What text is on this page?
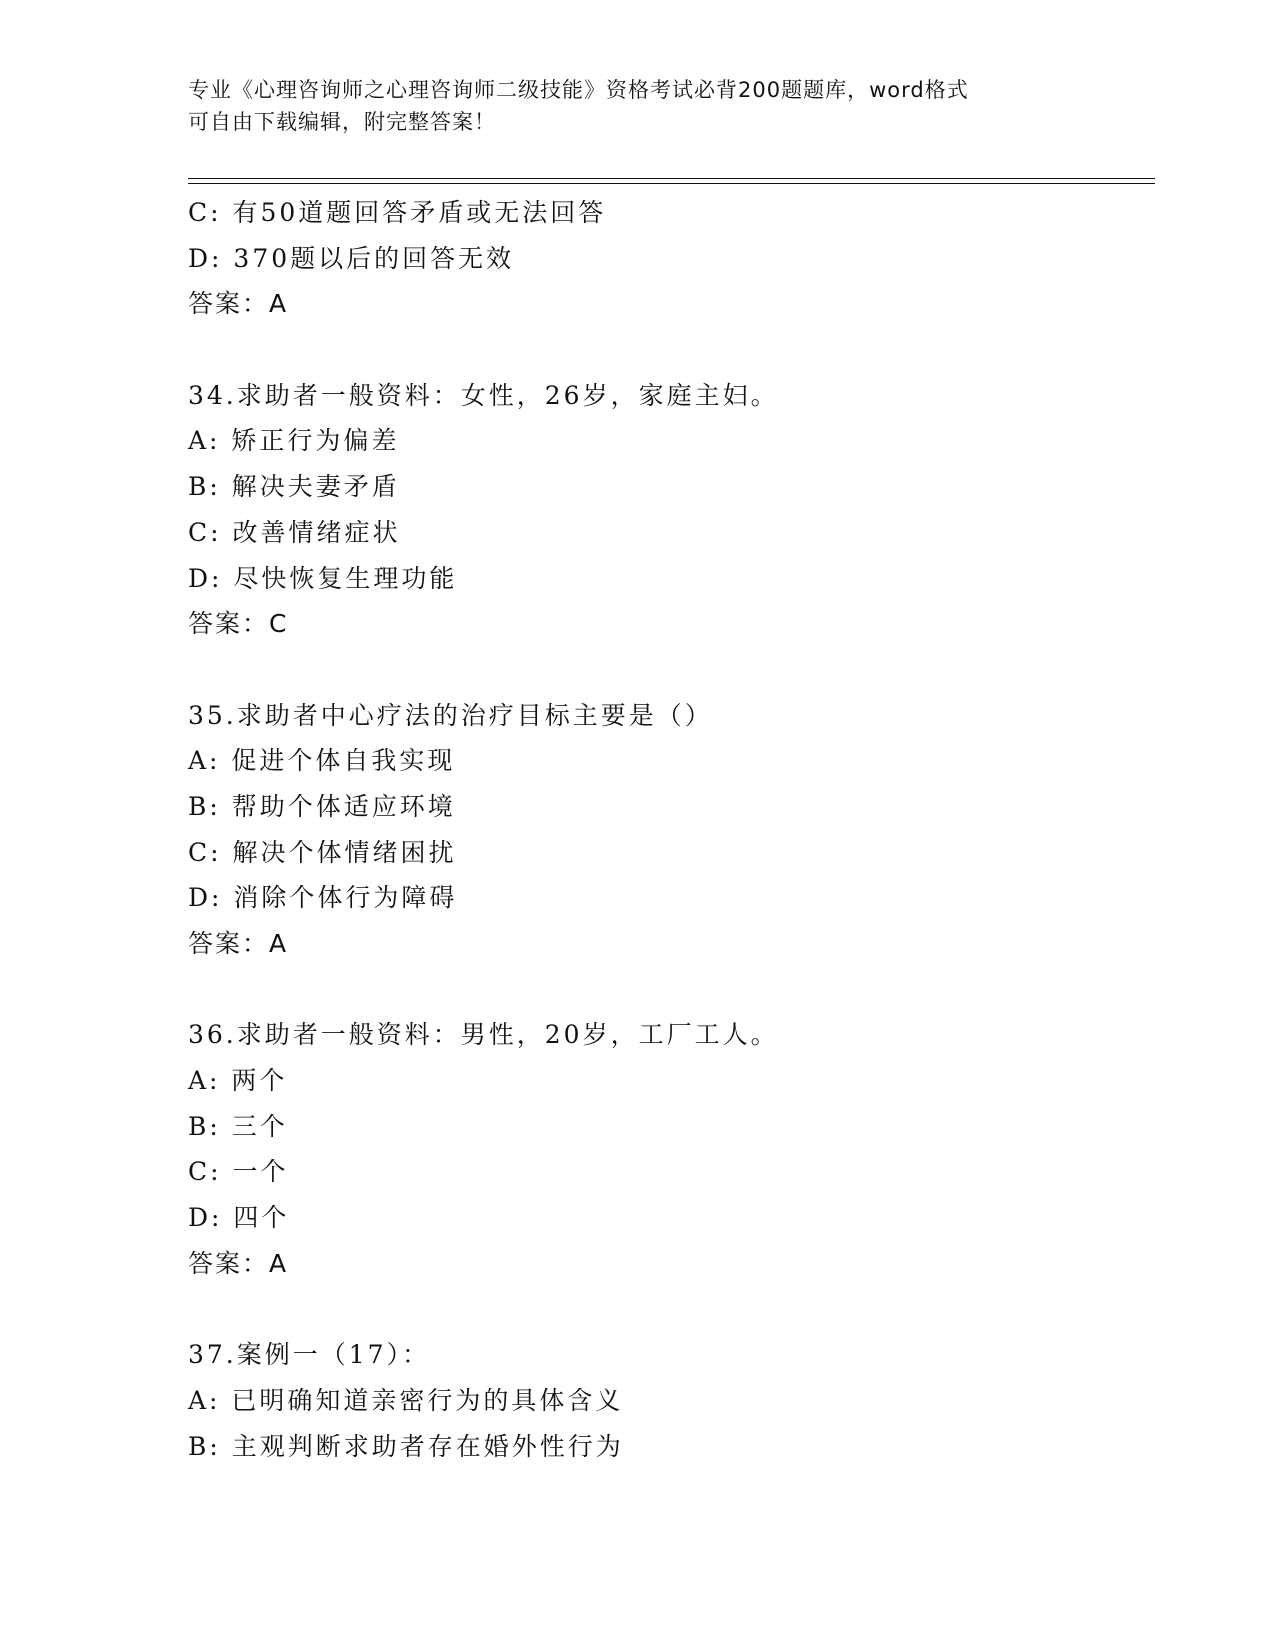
专业《心理咨询师之心理咨询师二级技能》资格考试必背200题题库，word格式
可自由下载编辑，附完整答案！
C: 有50道题回答矛盾或无法回答
D: 370题以后的回答无效
答案：A
34.求助者一般资料：女性，26岁，家庭主妇。
A: 矫正行为偏差
B: 解决夫妻矛盾
C: 改善情绪症状
D: 尽快恢复生理功能
答案：C
35.求助者中心疗法的治疗目标主要是（）
A: 促进个体自我实现
B: 帮助个体适应环境
C: 解决个体情绪困扰
D: 消除个体行为障碍
答案：A
36.求助者一般资料：男性，20岁，工厂工人。
A: 两个
B: 三个
C: 一个
D: 四个
答案：A
37.案例一（17）：
A: 已明确知道亲密行为的具体含义
B: 主观判断求助者存在婚外性行为
